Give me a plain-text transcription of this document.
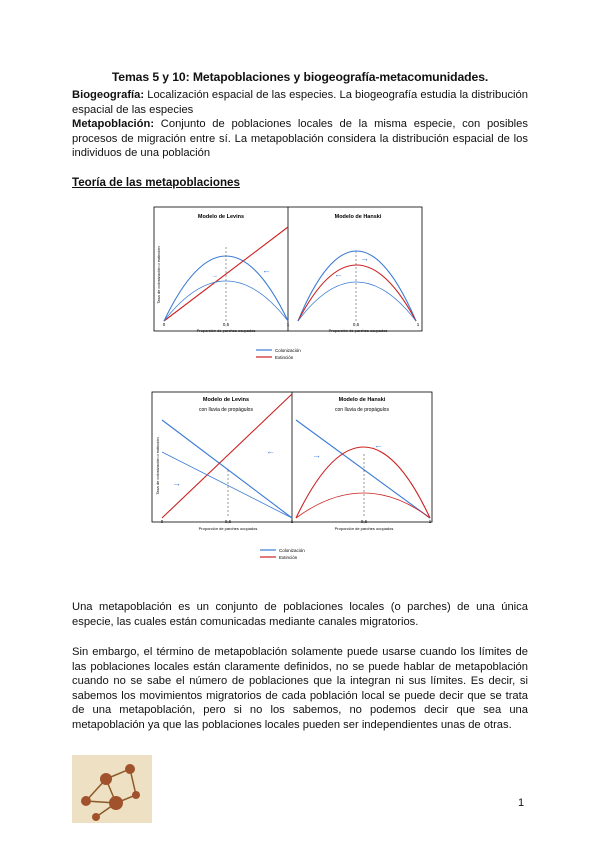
Temas 5 y 10: Metapoblaciones y biogeografía-metacomunidades.
Biogeografía: Localización espacial de las especies. La biogeografía estudia la distribución espacial de las especies
Metapoblación: Conjunto de poblaciones locales de la misma especie, con posibles procesos de migración entre sí. La metapoblación considera la distribución espacial de los individuos de una población
Teoría de las metapoblaciones
Modelo de Levins	Modelo de Hanski
Tasa de colonización o extinción	→
←
→
←
0	0,5	1	0,6	1
Proporción de parches ocupados	Proporción de parches ocupados
Colonización
Extinción
Modelo de Levins
con lluvia de propágulos
Modelo de Hanski
con lluvia de propágulos
Tasa de colonización o extinción →
←	→
←
0	0,6	1	0,6	1
Proporción de parches ocupados	Proporción de parches ocupados
Colonización
Extinción
Una metapoblación es un conjunto de poblaciones locales (o parches) de una única especie, las cuales están comunicadas mediante canales migratorios.
Sin embargo, el término de metapoblación solamente puede usarse cuando los límites de las poblaciones locales están claramente definidos, no se puede hablar de metapoblación cuando no se sabe el número de poblaciones que la integran ni sus límites. Es decir, si sabemos los movimientos migratorios de cada población local se puede decir que se trata de una metapoblación, pero si no los sabemos, no podemos decir que sea una metapoblación ya que las poblaciones locales pueden ser independientes unas de otras.
1
